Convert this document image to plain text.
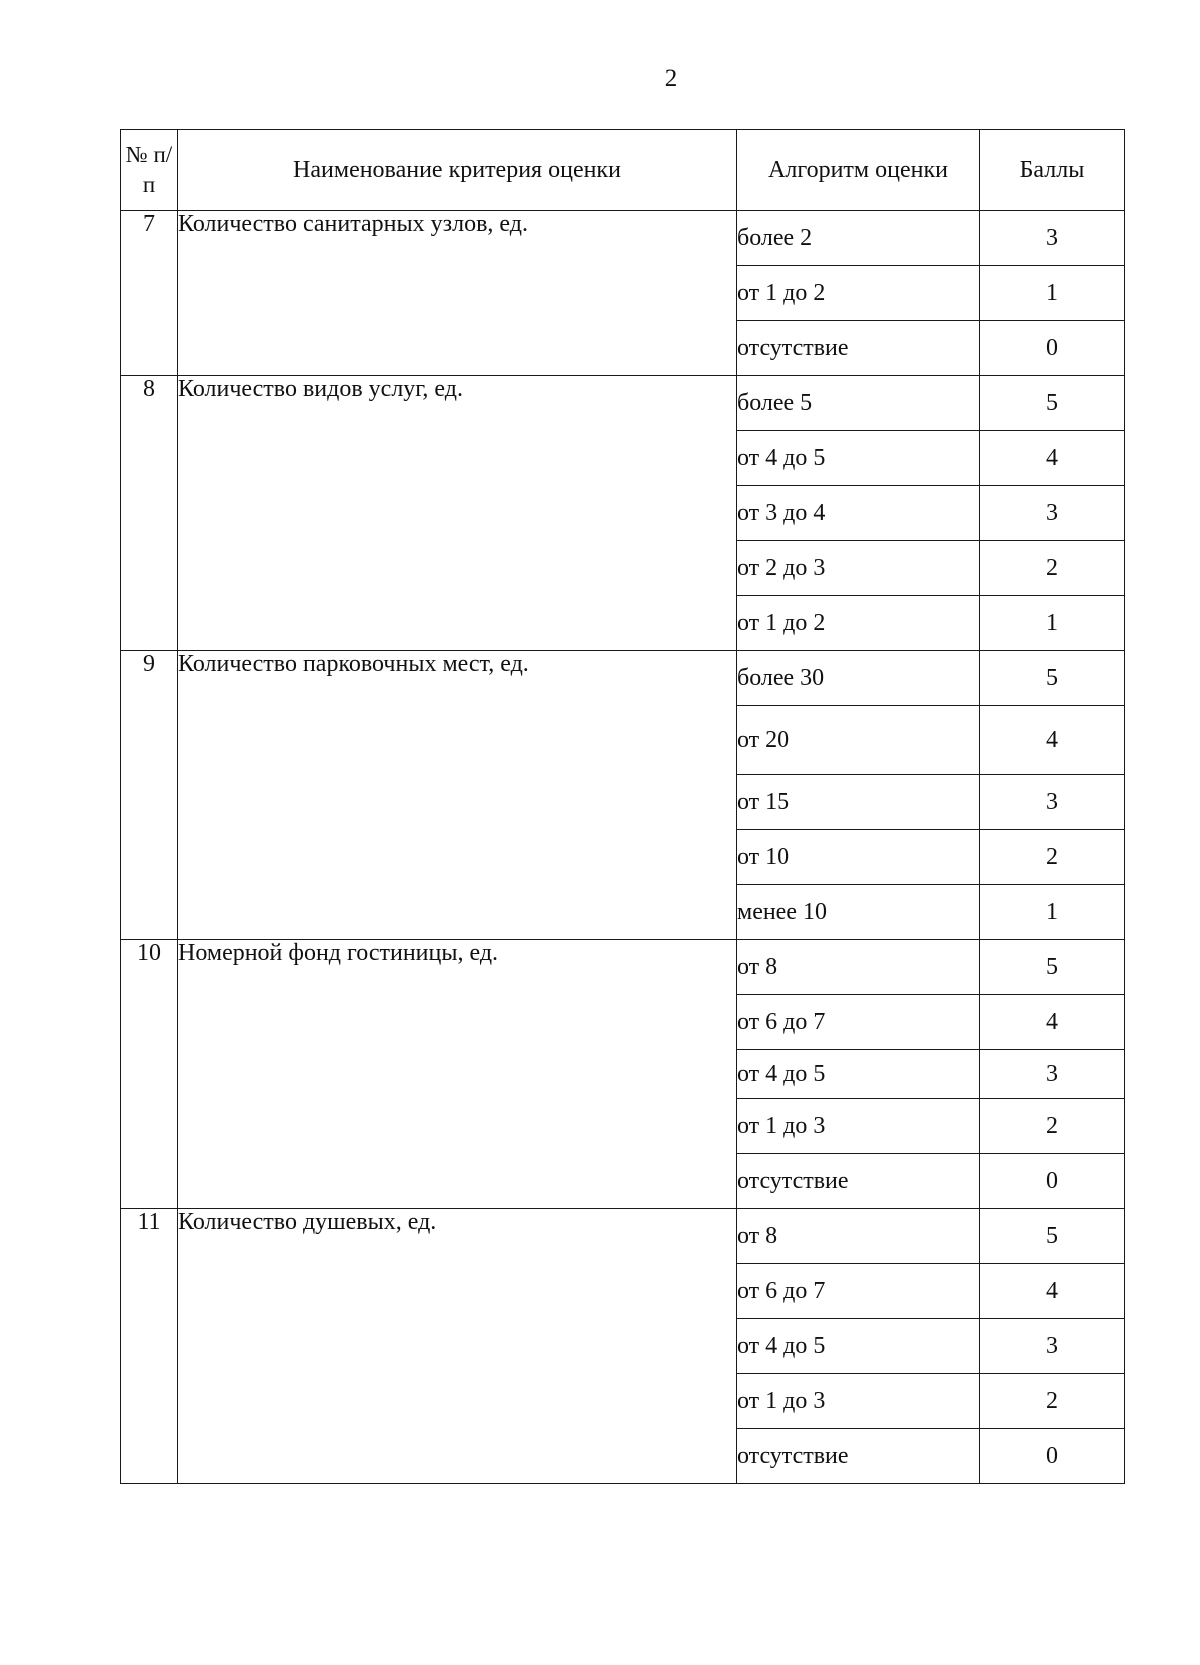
2
№ п/п	Наименование критерия оценки	Алгоритм оценки	Баллы
7	Количество санитарных узлов, ед.	более 2	3
		от 1 до 2	1
		отсутствие	0
8	Количество видов услуг, ед.	более 5	5
		от 4 до 5	4
		от 3 до 4	3
		от 2 до 3	2
		от 1 до 2	1
9	Количество парковочных мест, ед.	более 30	5
		от 20	4
		от 15	3
		от 10	2
		менее 10	1
10	Номерной фонд гостиницы, ед.	от 8	5
		от 6 до 7	4
		от 4 до 5	3
		от 1 до 3	2
		отсутствие	0
11	Количество душевых, ед.	от 8	5
		от 6 до 7	4
		от 4 до 5	3
		от 1 до 3	2
		отсутствие	0
